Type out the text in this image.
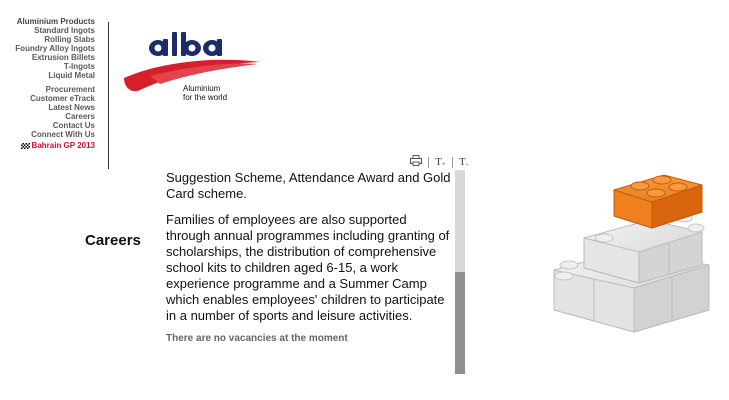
Aluminium Products
Standard Ingots
Rolling Slabs
Foundry Alloy Ingots
Extrusion Billets
T-Ingots
Liquid Metal
Procurement
Customer eTrack
Latest News
Careers
Contact Us
Connect With Us
Bahrain GP 2013
Aluminium
for the world
$T_+$ $T_-$
Careers

Suggestion Scheme, Attendance Award and Gold Card scheme.

Families of employees are also supported through annual programmes including granting of scholarships, the distribution of comprehensive school kits to children aged 6-15, a work experience programme and a Summer Camp which enables employees' children to participate in a number of sports and leisure activities.

There are no vacancies at the moment
